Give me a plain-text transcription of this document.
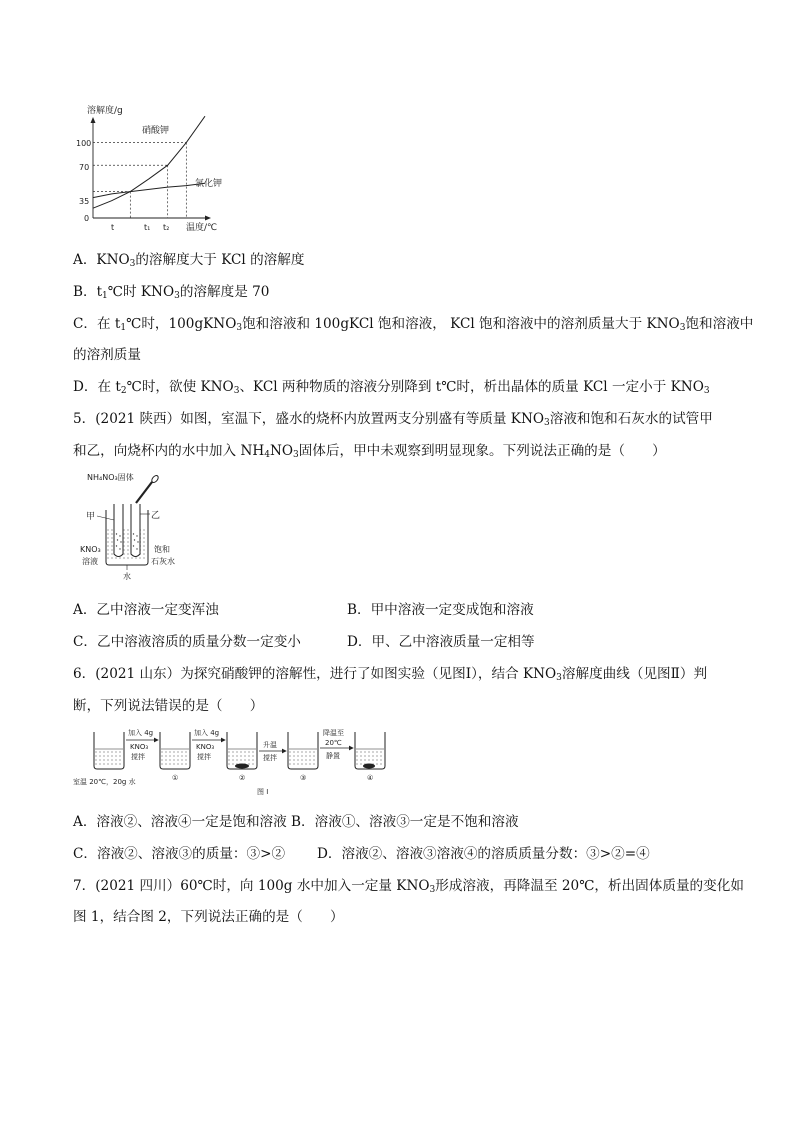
溶解度/g
温度/℃
100
70
35
0
t	t₁ t₂
硝酸钾
氯化钾
A．$KNO_3$的溶解度大于 KCl 的溶解度
B．$t_1℃$时 $KNO_3$的溶解度是 70
C．在 $t_1℃$时，100gKNO$_3$饱和溶液和 100gKCl 饱和溶液， KCl 饱和溶液中的溶剂质量大于 $KNO_3$饱和溶液中
的溶剂质量
D．在 $t_2℃$时，欲使 $KNO_3$、KCl 两种物质的溶液分别降到 t℃时，析出晶体的质量 KCl 一定小于 $KNO_3$
5．(2021 陕西）如图，室温下，盛水的烧杯内放置两支分别盛有等质量 $KNO_3$溶液和饱和石灰水的试管甲
和乙，向烧杯内的水中加入 $NH_4NO_3$固体后，甲中未观察到明显现象。下列说法正确的是（　　）
NH₄NO₃固体
甲	乙
KNO₃
溶液
饱和
石灰水
水
A．乙中溶液一定变浑浊	B．甲中溶液一定变成饱和溶液
C．乙中溶液溶质的质量分数一定变小	D．甲、乙中溶液质量一定相等
6．(2021 山东）为探究硝酸钾的溶解性，进行了如图实验（见图Ⅰ），结合 $KNO_3$溶解度曲线（见图Ⅱ）判
断，下列说法错误的是（　　）
加入 4g
KNO₃
搅拌
加入 4g
KNO₃
搅拌
升温
搅拌
降温至
20℃
静置
①	②	③	④
室温 20℃，20g 水
图 Ⅰ
A．溶液②、溶液④一定是饱和溶液 B．溶液①、溶液③一定是不饱和溶液
C．溶液②、溶液③的质量：③>② D．溶液②、溶液③溶液④的溶质质量分数：③>②=④
7．(2021 四川）60℃时，向 100g 水中加入一定量 $KNO_3$形成溶液，再降温至 20℃，析出固体质量的变化如
图 1，结合图 2，下列说法正确的是（　　）
